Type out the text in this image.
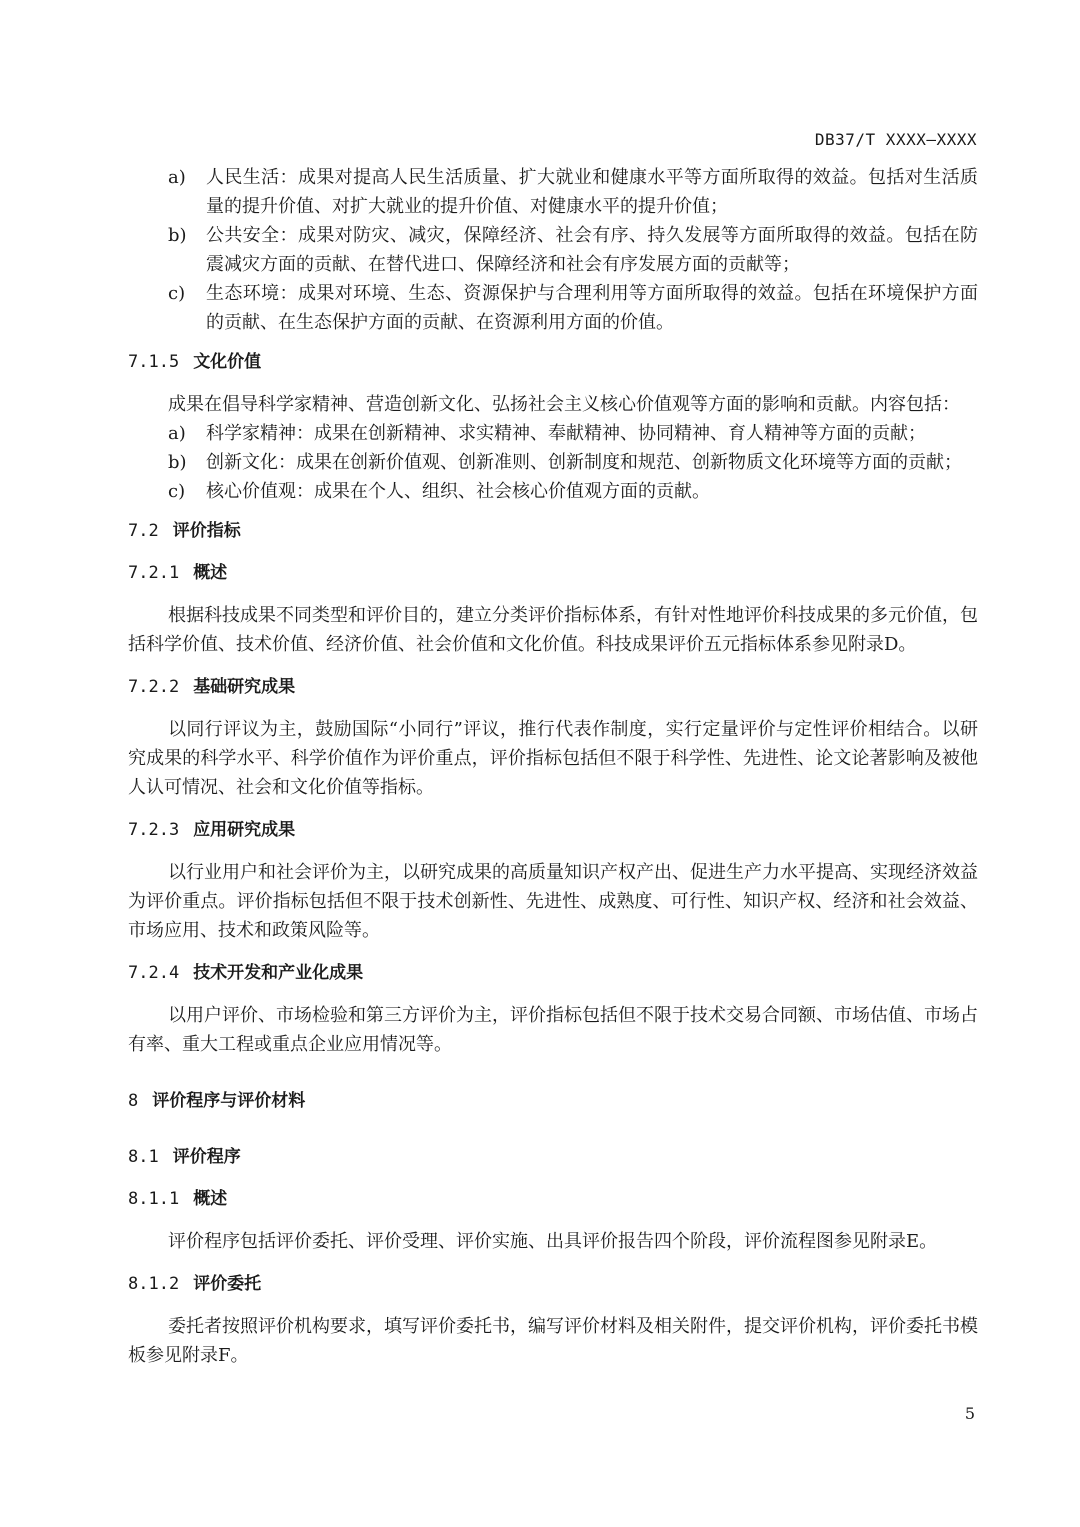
DB37/T XXXX—XXXX

a) 人民生活：成果对提高人民生活质量、扩大就业和健康水平等方面所取得的效益。包括对生活质量的提升价值、对扩大就业的提升价值、对健康水平的提升价值；

b) 公共安全：成果对防灾、减灾，保障经济、社会有序、持久发展等方面所取得的效益。包括在防震减灾方面的贡献、在替代进口、保障经济和社会有序发展方面的贡献等；

c) 生态环境：成果对环境、生态、资源保护与合理利用等方面所取得的效益。包括在环境保护方面的贡献、在生态保护方面的贡献、在资源利用方面的价值。

7.1.5 文化价值

成果在倡导科学家精神、营造创新文化、弘扬社会主义核心价值观等方面的影响和贡献。内容包括：

a) 科学家精神：成果在创新精神、求实精神、奉献精神、协同精神、育人精神等方面的贡献；

b) 创新文化：成果在创新价值观、创新准则、创新制度和规范、创新物质文化环境等方面的贡献；

c) 核心价值观：成果在个人、组织、社会核心价值观方面的贡献。

7.2 评价指标
7.2.1 概述

根据科技成果不同类型和评价目的，建立分类评价指标体系，有针对性地评价科技成果的多元价值，包括科学价值、技术价值、经济价值、社会价值和文化价值。科技成果评价五元指标体系参见附录D。

7.2.2 基础研究成果

以同行评议为主，鼓励国际“小同行”评议，推行代表作制度，实行定量评价与定性评价相结合。以研究成果的科学水平、科学价值作为评价重点，评价指标包括但不限于科学性、先进性、论文论著影响及被他人认可情况、社会和文化价值等指标。

7.2.3 应用研究成果

以行业用户和社会评价为主，以研究成果的高质量知识产权产出、促进生产力水平提高、实现经济效益为评价重点。评价指标包括但不限于技术创新性、先进性、成熟度、可行性、知识产权、经济和社会效益、市场应用、技术和政策风险等。

7.2.4 技术开发和产业化成果

以用户评价、市场检验和第三方评价为主，评价指标包括但不限于技术交易合同额、市场估值、市场占有率、重大工程或重点企业应用情况等。

8 评价程序与评价材料
8.1 评价程序
8.1.1 概述

评价程序包括评价委托、评价受理、评价实施、出具评价报告四个阶段，评价流程图参见附录E。

8.1.2 评价委托

委托者按照评价机构要求，填写评价委托书，编写评价材料及相关附件，提交评价机构，评价委托书模板参见附录F。

5
